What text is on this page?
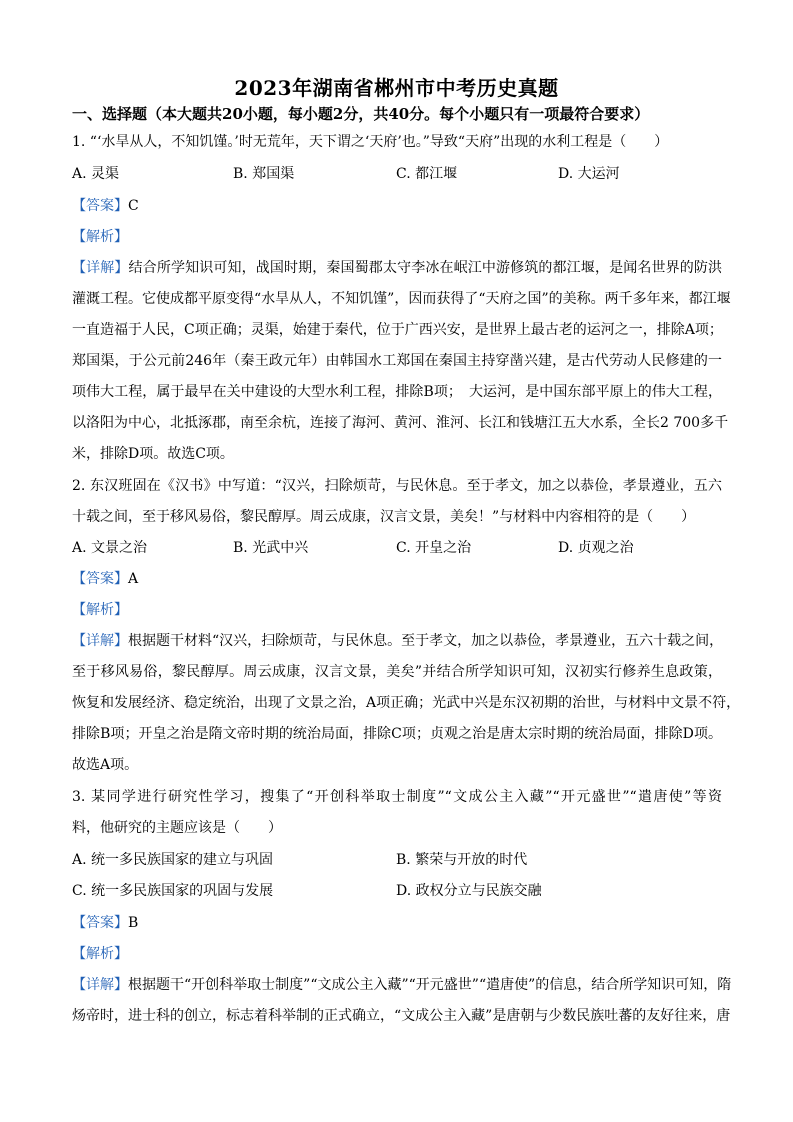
2023年湖南省郴州市中考历史真题
一、选择题（本大题共20小题，每小题2分，共40分。每个小题只有一项最符合要求）
1. “‘水旱从人，不知饥馑。’时无荒年，天下谓之‘天府’也。”导致“天府”出现的水利工程是（　　）
A. 灵渠	B. 郑国渠	C. 都江堰	D. 大运河
【答案】C
【解析】
【详解】结合所学知识可知，战国时期，秦国蜀郡太守李冰在岷江中游修筑的都江堰，是闻名世界的防洪
灌溉工程。它使成都平原变得“水旱从人，不知饥馑”，因而获得了“天府之国”的美称。两千多年来，都江堰
一直造福于人民，C项正确；灵渠，始建于秦代，位于广西兴安，是世界上最古老的运河之一，排除A项；
郑国渠，于公元前246年（秦王政元年）由韩国水工郑国在秦国主持穿凿兴建，是古代劳动人民修建的一
项伟大工程，属于最早在关中建设的大型水利工程，排除B项；　大运河，是中国东部平原上的伟大工程，
以洛阳为中心，北抵涿郡，南至余杭，连接了海河、黄河、淮河、长江和钱塘江五大水系，全长2 700多千
米，排除D项。故选C项。
2. 东汉班固在《汉书》中写道：“汉兴，扫除烦苛，与民休息。至于孝文，加之以恭俭，孝景遵业，五六
十载之间，至于移风易俗，黎民醇厚。周云成康，汉言文景，美矣！”与材料中内容相符的是（　　）
A. 文景之治	B. 光武中兴	C. 开皇之治	D. 贞观之治
【答案】A
【解析】
【详解】根据题干材料“汉兴，扫除烦苛，与民休息。至于孝文，加之以恭俭，孝景遵业，五六十载之间，
至于移风易俗，黎民醇厚。周云成康，汉言文景，美矣”并结合所学知识可知，汉初实行修养生息政策，
恢复和发展经济、稳定统治，出现了文景之治，A项正确；光武中兴是东汉初期的治世，与材料中文景不符，
排除B项；开皇之治是隋文帝时期的统治局面，排除C项；贞观之治是唐太宗时期的统治局面，排除D项。
故选A项。
3. 某同学进行研究性学习，搜集了“开创科举取士制度”“文成公主入藏”“开元盛世”“遣唐使”等资
料，他研究的主题应该是（　　）
A. 统一多民族国家的建立与巩固	B. 繁荣与开放的时代
C. 统一多民族国家的巩固与发展	D. 政权分立与民族交融
【答案】B
【解析】
【详解】根据题干“开创科举取士制度”“文成公主入藏”“开元盛世”“遣唐使”的信息，结合所学知识可知，隋
炀帝时，进士科的创立，标志着科举制的正式确立，“文成公主入藏”是唐朝与少数民族吐蕃的友好往来，唐
